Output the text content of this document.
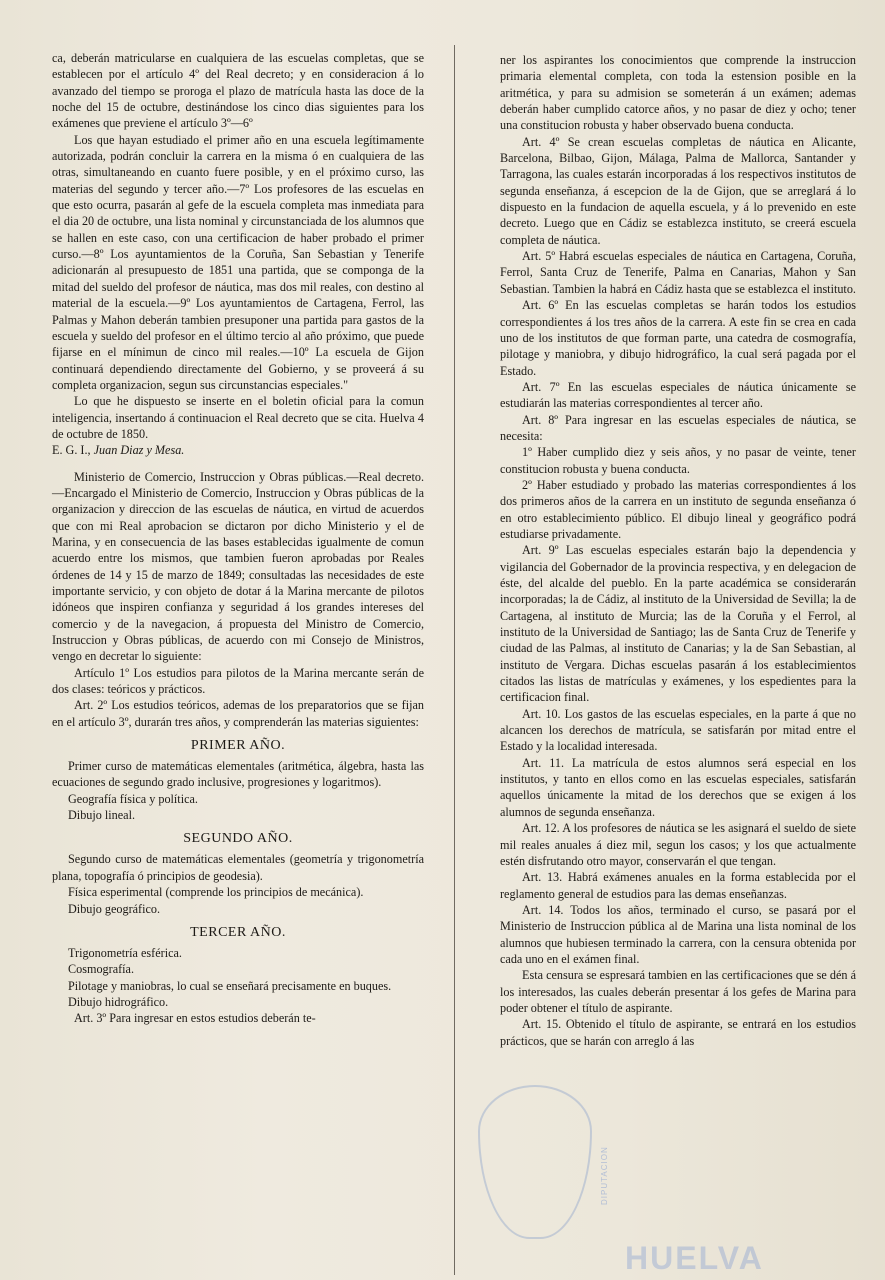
ca, deberán matricularse en cualquiera de las escuelas completas, que se establecen por el artículo 4º del Real decreto; y en consideracion á lo avanzado del tiempo se proroga el plazo de matrícula hasta las doce de la noche del 15 de octubre, destinándose los cinco dias siguientes para los exámenes que previene el artículo 3º—6º

Los que hayan estudiado el primer año en una escuela legítimamente autorizada, podrán concluir la carrera en la misma ó en cualquiera de las otras, simultaneando en cuanto fuere posible, y en el próximo curso, las materias del segundo y tercer año.—7º Los profesores de las escuelas en que esto ocurra, pasarán al gefe de la escuela completa mas inmediata para el dia 20 de octubre, una lista nominal y circunstanciada de los alumnos que se hallen en este caso, con una certificacion de haber probado el primer curso.—8º Los ayuntamientos de la Coruña, San Sebastian y Tenerife adicionarán al presupuesto de 1851 una partida, que se componga de la mitad del sueldo del profesor de náutica, mas dos mil reales, con destino al material de la escuela.—9º Los ayuntamientos de Cartagena, Ferrol, las Palmas y Mahon deberán tambien presuponer una partida para gastos de la escuela y sueldo del profesor en el último tercio al año próximo, que puede fijarse en el mínimun de cinco mil reales.—10º La escuela de Gijon continuará dependiendo directamente del Gobierno, y se proveerá á su completa organizacion, segun sus circunstancias especiales."

Lo que he dispuesto se inserte en el boletin oficial para la comun inteligencia, insertando á continuacion el Real decreto que se cita. Huelva 4 de octubre de 1850.
E. G. I., Juan Diaz y Mesa.

Ministerio de Comercio, Instruccion y Obras públicas.—Real decreto.—Encargado el Ministerio de Comercio, Instruccion y Obras públicas de la organizacion y direccion de las escuelas de náutica, en virtud de acuerdos que con mi Real aprobacion se dictaron por dicho Ministerio y el de Marina, y en consecuencia de las bases establecidas igualmente de comun acuerdo entre los mismos, que tambien fueron aprobadas por Reales órdenes de 14 y 15 de marzo de 1849; consultadas las necesidades de este importante servicio, y con objeto de dotar á la Marina mercante de pilotos idóneos que inspiren confianza y seguridad á los grandes intereses del comercio y de la navegacion, á propuesta del Ministro de Comercio, Instruccion y Obras públicas, de acuerdo con mi Consejo de Ministros, vengo en decretar lo siguiente:

Artículo 1º Los estudios para pilotos de la Marina mercante serán de dos clases: teóricos y prácticos.

Art. 2º Los estudios teóricos, ademas de los preparatorios que se fijan en el artículo 3º, durarán tres años, y comprenderán las materias siguientes:

PRIMER AÑO.

Primer curso de matemáticas elementales (aritmética, álgebra, hasta las ecuaciones de segundo grado inclusive, progresiones y logaritmos).

Geografía física y política.

Dibujo lineal.

SEGUNDO AÑO.

Segundo curso de matemáticas elementales (geometría y trigonometría plana, topografía ó principios de geodesia).

Física esperimental (comprende los principios de mecánica).

Dibujo geográfico.

TERCER AÑO.

Trigonometría esférica.

Cosmografía.

Pilotage y maniobras, lo cual se enseñará precisamente en buques.

Dibujo hidrográfico.

Art. 3º Para ingresar en estos estudios deberán te-

ner los aspirantes los conocimientos que comprende la instruccion primaria elemental completa, con toda la estension posible en la aritmética, y para su admision se someterán á un exámen; ademas deberán haber cumplido catorce años, y no pasar de diez y ocho; tener una constitucion robusta y haber observado buena conducta.

Art. 4º Se crean escuelas completas de náutica en Alicante, Barcelona, Bilbao, Gijon, Málaga, Palma de Mallorca, Santander y Tarragona, las cuales estarán incorporadas á los respectivos institutos de segunda enseñanza, á escepcion de la de Gijon, que se arreglará á lo dispuesto en la fundacion de aquella escuela, y á lo prevenido en este decreto. Luego que en Cádiz se establezca instituto, se creerá escuela completa de náutica.

Art. 5º Habrá escuelas especiales de náutica en Cartagena, Coruña, Ferrol, Santa Cruz de Tenerife, Palma en Canarias, Mahon y San Sebastian. Tambien la habrá en Cádiz hasta que se establezca el instituto.

Art. 6º En las escuelas completas se harán todos los estudios correspondientes á los tres años de la carrera. A este fin se crea en cada uno de los institutos de que forman parte, una catedra de cosmografía, pilotage y maniobra, y dibujo hidrográfico, la cual será pagada por el Estado.

Art. 7º En las escuelas especiales de náutica únicamente se estudiarán las materias correspondientes al tercer año.

Art. 8º Para ingresar en las escuelas especiales de náutica, se necesita:

1º Haber cumplido diez y seis años, y no pasar de veinte, tener constitucion robusta y buena conducta.

2º Haber estudiado y probado las materias correspondientes á los dos primeros años de la carrera en un instituto de segunda enseñanza ó en otro establecimiento público. El dibujo lineal y geográfico podrá estudiarse privadamente.

Art. 9º Las escuelas especiales estarán bajo la dependencia y vigilancia del Gobernador de la provincia respectiva, y en delegacion de éste, del alcalde del pueblo. En la parte académica se considerarán incorporadas; la de Cádiz, al instituto de la Universidad de Sevilla; la de Cartagena, al instituto de Murcia; las de la Coruña y el Ferrol, al instituto de la Universidad de Santiago; las de Santa Cruz de Tenerife y ciudad de las Palmas, al instituto de Canarias; y la de San Sebastian, al instituto de Vergara. Dichas escuelas pasarán á los establecimientos citados las listas de matrículas y exámenes, y los espedientes para la certificacion final.

Art. 10. Los gastos de las escuelas especiales, en la parte á que no alcancen los derechos de matrícula, se satisfarán por mitad entre el Estado y la localidad interesada.

Art. 11. La matrícula de estos alumnos será especial en los institutos, y tanto en ellos como en las escuelas especiales, satisfarán aquellos únicamente la mitad de los derechos que se exigen á los alumnos de segunda enseñanza.

Art. 12. A los profesores de náutica se les asignará el sueldo de siete mil reales anuales á diez mil, segun los casos; y los que actualmente estén disfrutando otro mayor, conservarán el que tengan.

Art. 13. Habrá exámenes anuales en la forma establecida por el reglamento general de estudios para las demas enseñanzas.

Art. 14. Todos los años, terminado el curso, se pasará por el Ministerio de Instruccion pública al de Marina una lista nominal de los alumnos que hubiesen terminado la carrera, con la censura obtenida por cada uno en el exámen final.

Esta censura se espresará tambien en las certificaciones que se dén á los interesados, las cuales deberán presentar á los gefes de Marina para poder obtener el título de aspirante.

Art. 15. Obtenido el título de aspirante, se entrará en los estudios prácticos, que se harán con arreglo á las

DIPUTACION
HUELVA
